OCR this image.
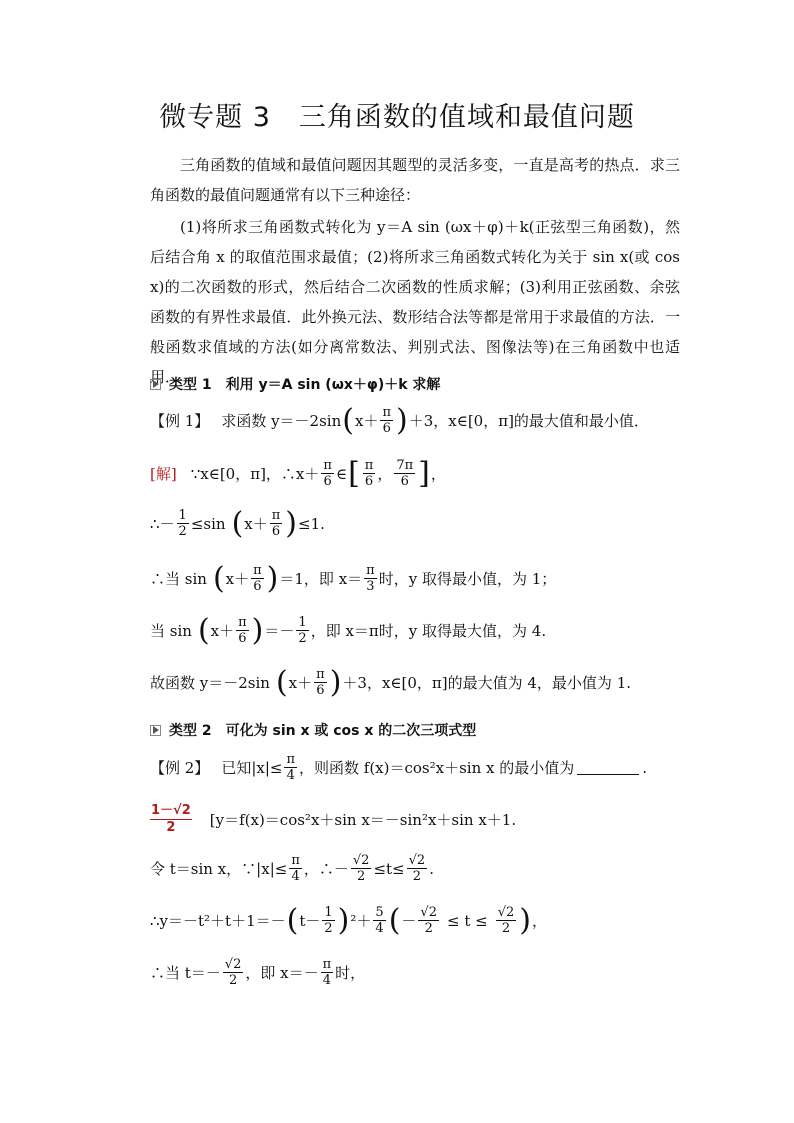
微专题 3　三角函数的值域和最值问题

三角函数的值域和最值问题因其题型的灵活多变，一直是高考的热点．求三角函数的最值问题通常有以下三种途径：

(1)将所求三角函数式转化为 y＝A sin (ωx＋φ)＋k(正弦型三角函数)，然后结合角 x 的取值范围求最值；(2)将所求三角函数式转化为关于 sin x(或 cos x)的二次函数的形式，然后结合二次函数的性质求解；(3)利用正弦函数、余弦函数的有界性求最值．此外换元法、数形结合法等都是常用于求最值的方法．一般函数求值域的方法(如分离常数法、判别式法、图像法等)在三角函数中也适用．

类型 1　利用 y＝A sin (ωx＋φ)＋k 求解
【例 1】 求函数 y＝－2sin ( $x+ \frac{\pi}{6}$ ) ＋3，x∈[0，π]的最大值和最小值．
[解] ∵x∈[0，π]，∴x＋ $\frac{\pi}{6}$ ∈ [ $\frac{\pi}{6}$ ， $\frac{7\pi}{6}$ ] ，
∴－ $\frac{1}{2} \le\sin$ ( $x+ \frac{\pi}{6}$ ) ≤1.
∴当 sin ( $x+ \frac{\pi}{6}$ ) ＝1，即 $x= \frac{\pi}{3}$ 时，y 取得最小值，为 1；
当 sin ( $x+ \frac{\pi}{6}$ ) ＝－ $\frac{1}{2}$ ，即 x＝π时，y 取得最大值，为 4.
故函数 y＝－2sin ( $x+ \frac{\pi}{6}$ ) ＋3，x∈[0，π]的最大值为 4，最小值为 1.
类型 2　可化为 sin x 或 cos x 的二次三项式型
【例 2】 已知$|x|\le \frac{\pi}{4}$ ，则函数 f(x)＝cos²x＋sin x 的最小值为	.
$\frac{1-√2}{2} [y=f(x)=\cos^2x+\sin$ x＝－sin²x＋sin x＋1.
令 t＝sin x，∵|x|≤ $\frac{\pi}{4}$ ，∴－ $\frac{√2}{2} \le t\le \frac{√2}{2}$ .
∴y＝－t²＋t＋1＝－ ( $t- \frac{1}{2}$ ) $^2+ \frac{5}{4}$ ( － $\frac{√2}{2} \le t \le \frac{√2}{2}$ ) ，
∴当 $t=- \frac{√2}{2}$ ，即 $x=- \frac{\pi}{4}$ 时，
